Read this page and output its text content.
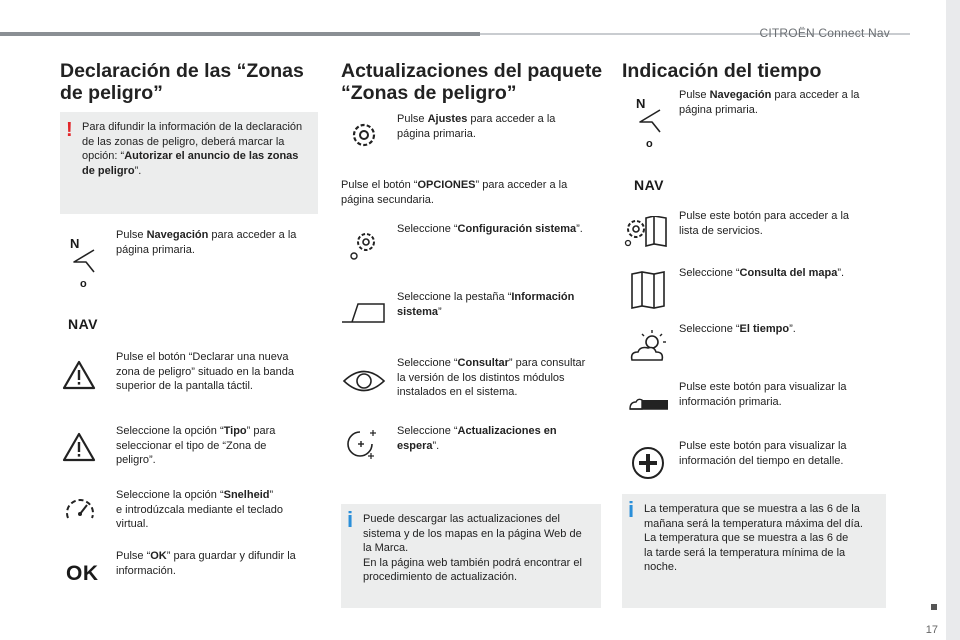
CITROËN Connect Nav
17
Declaración de las “Zonas
de peligro”
! Para difundir la información de la declaración
de las zonas de peligro, deberá marcar la
opción: “Autorizar el anuncio de las zonas
de peligro”.
N
o
NAV
Pulse Navegación para acceder a la
página primaria.
Pulse el botón “Declarar una nueva
zona de peligro” situado en la banda
superior de la pantalla táctil.
Seleccione la opción “Tipo” para
seleccionar el tipo de “Zona de
peligro”.
Seleccione la opción “Snelheid”
e introdúzcala mediante el teclado
virtual.
OK
Pulse “OK” para guardar y difundir la
información.
Actualizaciones del paquete
“Zonas de peligro”
Pulse Ajustes para acceder a la
página primaria.
Pulse el botón “OPCIONES” para acceder a la
página secundaria.
Seleccione “Configuración sistema”.
Seleccione la pestaña “Información
sistema”
Seleccione “Consultar” para consultar
la versión de los distintos módulos
instalados en el sistema.
Seleccione “Actualizaciones en
espera”.
i Puede descargar las actualizaciones del
sistema y de los mapas en la página Web de
la Marca.
En la página web también podrá encontrar el
procedimiento de actualización.
Indicación del tiempo
N
o
NAV
Pulse Navegación para acceder a la
página primaria.
Pulse este botón para acceder a la
lista de servicios.
Seleccione “Consulta del mapa”.
Seleccione “El tiempo”.
Pulse este botón para visualizar la
información primaria.
Pulse este botón para visualizar la
información del tiempo en detalle.
i La temperatura que se muestra a las 6 de la
mañana será la temperatura máxima del día.
La temperatura que se muestra a las 6 de
la tarde será la temperatura mínima de la
noche.
